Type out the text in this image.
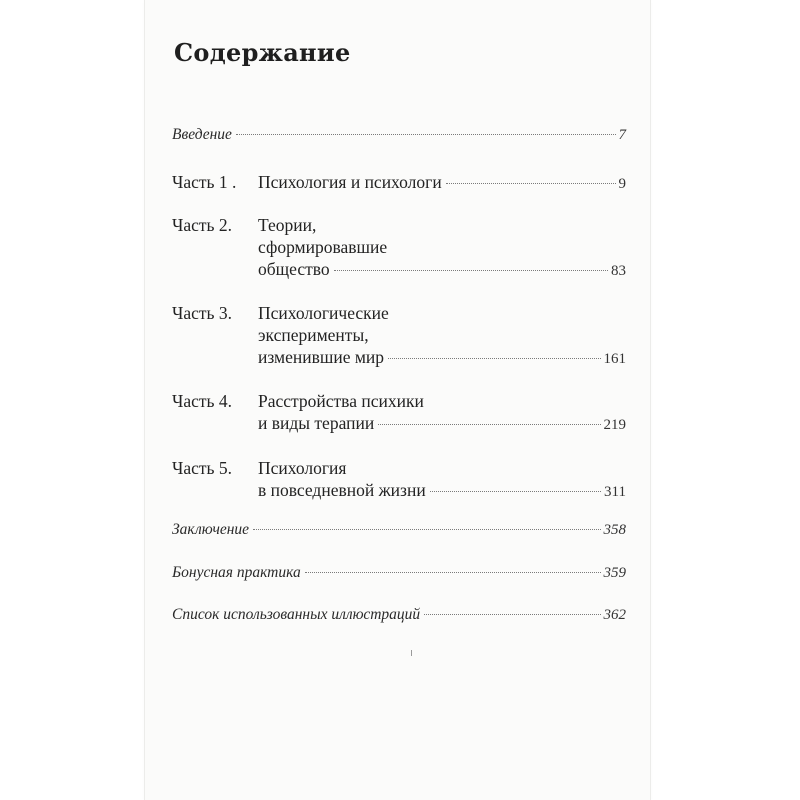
Содержание
Введение	7
Часть 1 . Психология и психологи	9
Часть 2. Теории,
сформировавшие
общество	83
Часть 3. Психологические
эксперименты,
изменившие мир	161
Часть 4. Расстройства психики
и виды терапии	219
Часть 5. Психология
в повседневной жизни	311
Заключение	358
Бонусная практика	359
Список использованных иллюстраций	362
